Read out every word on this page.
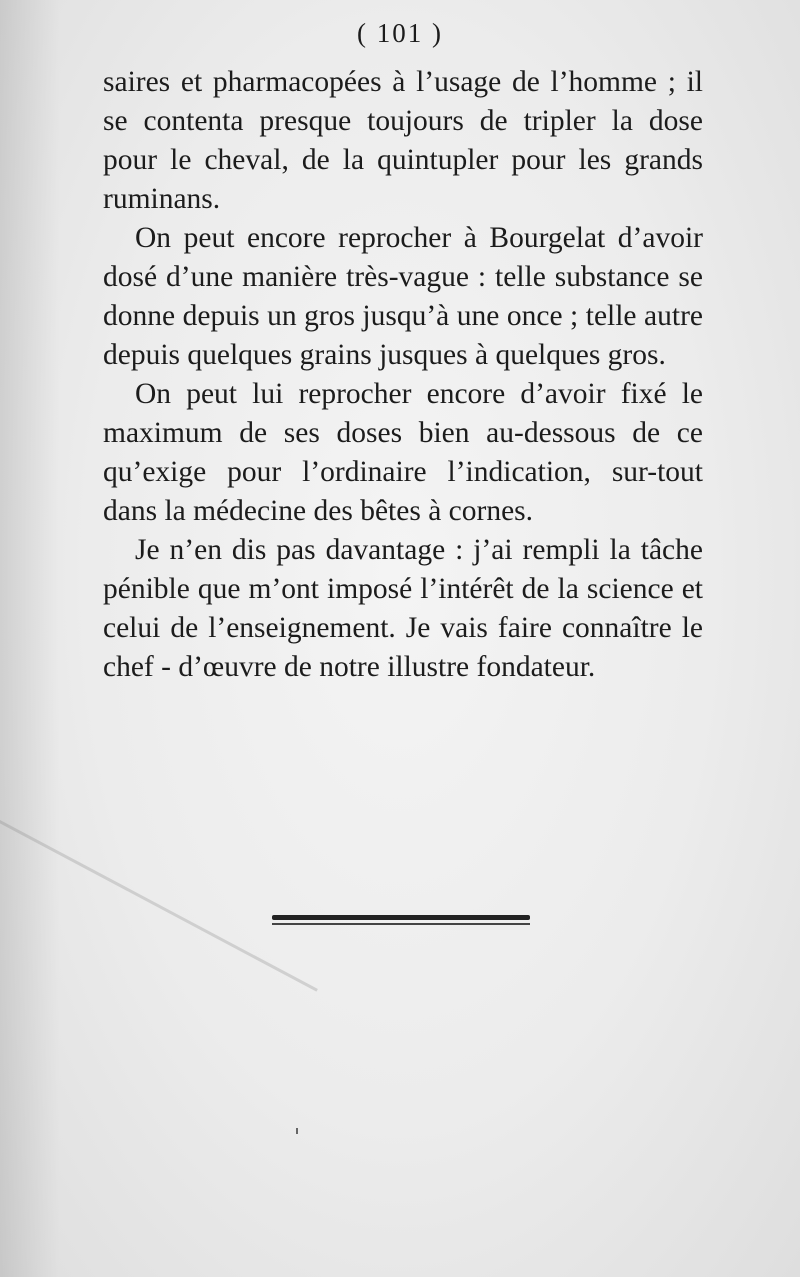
( 101 )

saires et pharmacopées à l’usage de l’homme ; il se contenta presque toujours de tripler la dose pour le cheval, de la quintupler pour les grands ruminans.

On peut encore reprocher à Bourgelat d’avoir dosé d’une manière très-vague : telle substance se donne depuis un gros jusqu’à une once ; telle autre depuis quelques grains jusques à quelques gros.

On peut lui reprocher encore d’avoir fixé le maximum de ses doses bien au-dessous de ce qu’exige pour l’ordinaire l’indication, sur-tout dans la médecine des bêtes à cornes.

Je n’en dis pas davantage : j’ai rempli la tâche pénible que m’ont imposé l’intérêt de la science et celui de l’enseignement. Je vais faire connaître le chef - d’œuvre de notre illustre fondateur.
